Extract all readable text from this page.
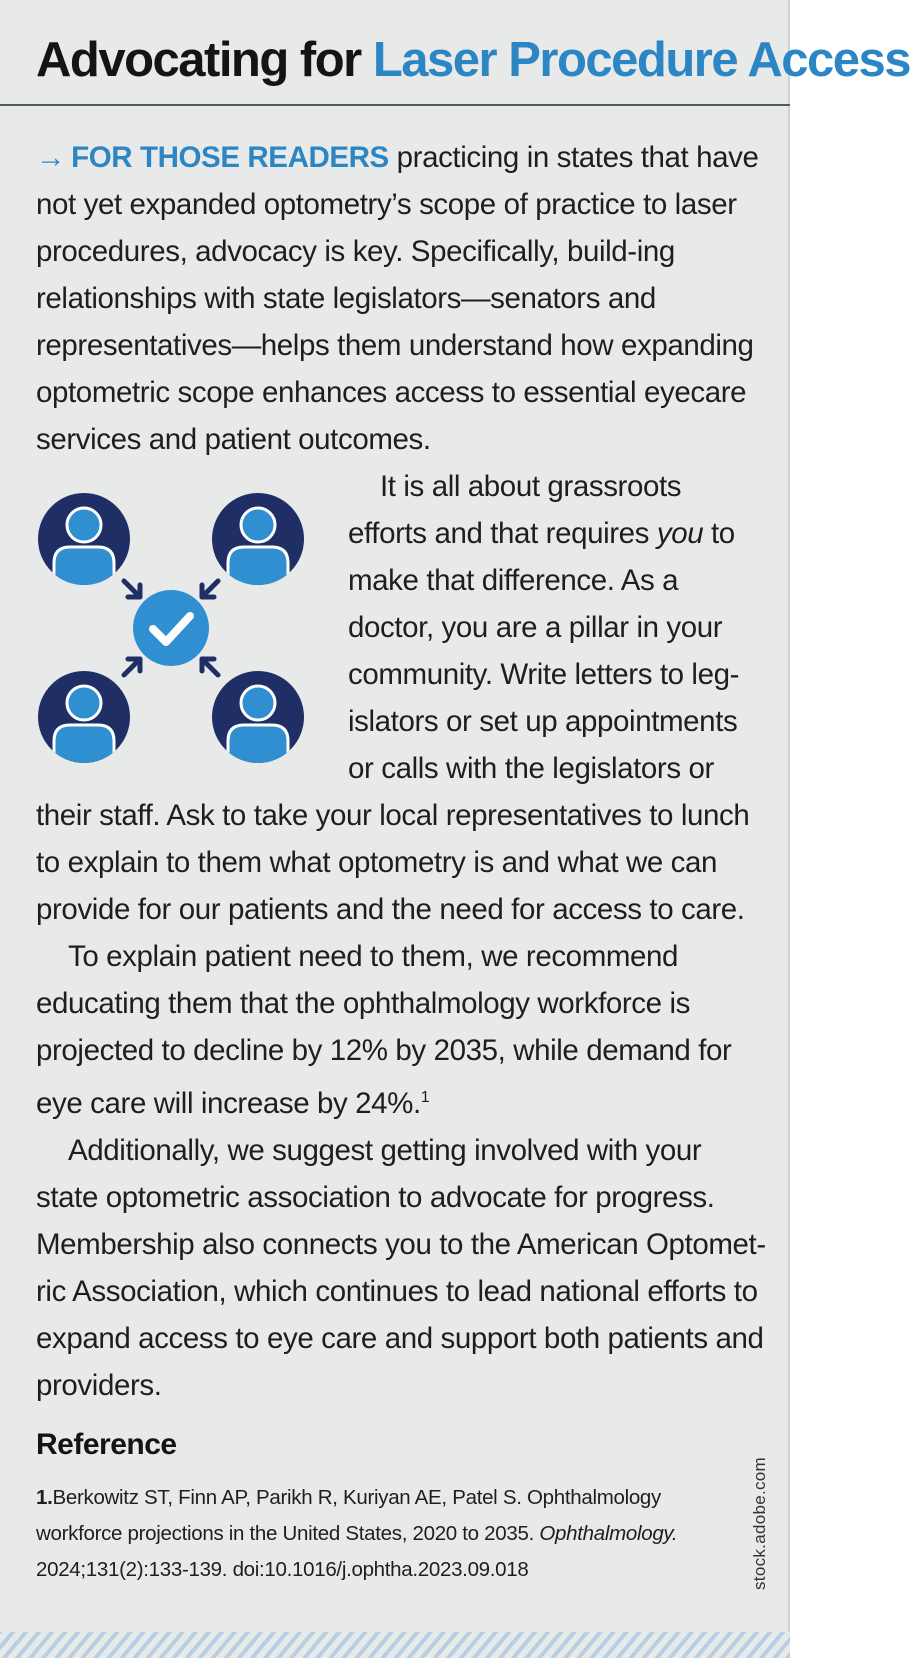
Advocating for Laser Procedure Access

→ FOR THOSE READERS practicing in states that have not yet expanded optometry’s scope of practice to laser procedures, advocacy is key. Specifically, build-ing relationships with state legislators—senators and representatives—helps them understand how expanding optometric scope enhances access to essential eyecare services and patient outcomes.

It is all about grassroots efforts and that requires you to make that difference. As a doctor, you are a pillar in your community. Write letters to leg-islators or set up appointments or calls with the legislators or their staff. Ask to take your local representatives to lunch to explain to them what optometry is and what we can provide for our patients and the need for access to care.

To explain patient need to them, we recommend educating them that the ophthalmology workforce is projected to decline by 12% by 2035, while demand for eye care will increase by 24%.$^1$

Additionally, we suggest getting involved with your state optometric association to advocate for progress. Membership also connects you to the American Optomet-ric Association, which continues to lead national efforts to expand access to eye care and support both patients and providers.

Reference
1.Berkowitz ST, Finn AP, Parikh R, Kuriyan AE, Patel S. Ophthalmology workforce projections in the United States, 2020 to 2035. Ophthalmology. 2024;131(2):133-139. doi:10.1016/j.ophtha.2023.09.018	stock.adobe.com
